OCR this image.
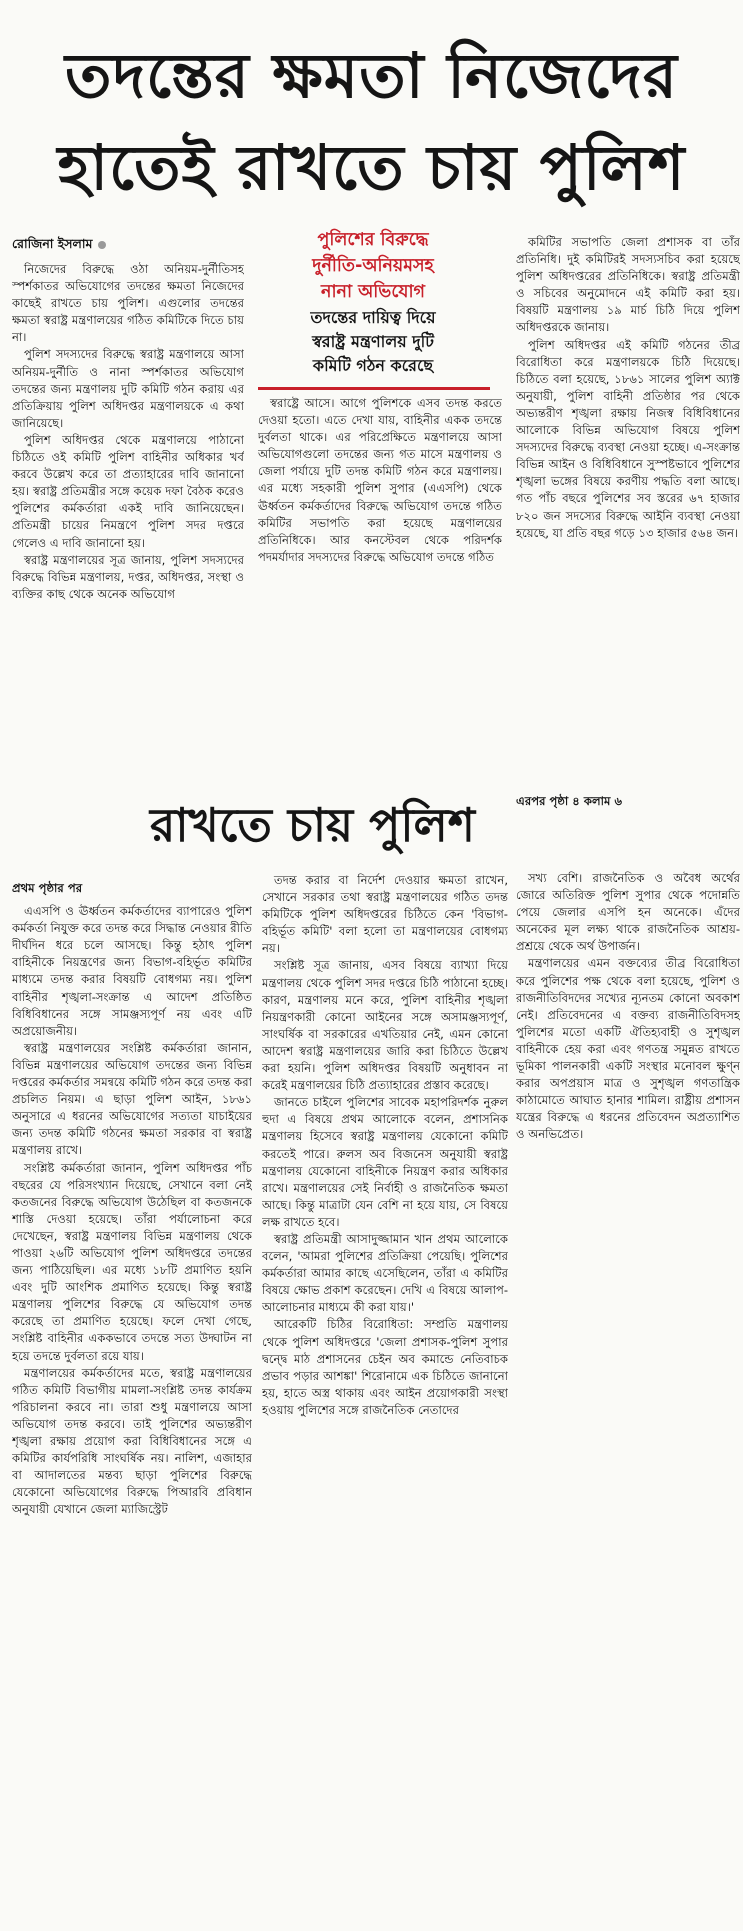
তদন্তের ক্ষমতা নিজেদের
হাতেই রাখতে চায় পুলিশ
রোজিনা ইসলাম	পুলিশের বিরুদ্ধে
দুর্নীতি-অনিয়মসহ
নানা অভিযোগ
তদন্তের দায়িত্ব দিয়ে
স্বরাষ্ট্র মন্ত্রণালয় দুটি
কমিটি গঠন করেছে

নিজেদের বিরুদ্ধে ওঠা অনিয়ম-দুর্নীতিসহ স্পর্শকাতর অভিযোগের তদন্তের ক্ষমতা নিজেদের কাছেই রাখতে চায় পুলিশ। এগুলোর তদন্তের ক্ষমতা স্বরাষ্ট্র মন্ত্রণালয়ের গঠিত কমিটিকে দিতে চায় না।

পুলিশ সদস্যদের বিরুদ্ধে স্বরাষ্ট্র মন্ত্রণালয়ে আসা অনিয়ম-দুর্নীতি ও নানা স্পর্শকাতর অভিযোগ তদন্তের জন্য মন্ত্রণালয় দুটি কমিটি গঠন করায় এর প্রতিক্রিয়ায় পুলিশ অধিদপ্তর মন্ত্রণালয়কে এ কথা জানিয়েছে।

পুলিশ অধিদপ্তর থেকে মন্ত্রণালয়ে পাঠানো চিঠিতে ওই কমিটি পুলিশ বাহিনীর অধিকার খর্ব করবে উল্লেখ করে তা প্রত্যাহারের দাবি জানানো হয়। স্বরাষ্ট্র প্রতিমন্ত্রীর সঙ্গে কয়েক দফা বৈঠক করেও পুলিশের কর্মকর্তারা একই দাবি জানিয়েছেন। প্রতিমন্ত্রী চায়ের নিমন্ত্রণে পুলিশ সদর দপ্তরে গেলেও এ দাবি জানানো হয়।

স্বরাষ্ট্র মন্ত্রণালয়ের সূত্র জানায়, পুলিশ সদস্যদের বিরুদ্ধে বিভিন্ন মন্ত্রণালয়, দপ্তর, অধিদপ্তর, সংস্থা ও ব্যক্তির কাছ থেকে অনেক অভিযোগ

স্বরাষ্ট্রে আসে। আগে পুলিশকে এসব তদন্ত করতে দেওয়া হতো। এতে দেখা যায়, বাহিনীর একক তদন্তে দুর্বলতা থাকে। এর পরিপ্রেক্ষিতে মন্ত্রণালয়ে আসা অভিযোগগুলো তদন্তের জন্য গত মাসে মন্ত্রণালয় ও জেলা পর্যায়ে দুটি তদন্ত কমিটি গঠন করে মন্ত্রণালয়। এর মধ্যে সহকারী পুলিশ সুপার (এএসপি) থেকে ঊর্ধ্বতন কর্মকর্তাদের বিরুদ্ধে অভিযোগ তদন্তে গঠিত কমিটির সভাপতি করা হয়েছে মন্ত্রণালয়ের প্রতিনিধিকে। আর কনস্টেবল থেকে পরিদর্শক পদমর্যাদার সদস্যদের বিরুদ্ধে অভিযোগ তদন্তে গঠিত

কমিটির সভাপতি জেলা প্রশাসক বা তাঁর প্রতিনিধি। দুই কমিটিরই সদস্যসচিব করা হয়েছে পুলিশ অধিদপ্তরের প্রতিনিধিকে। স্বরাষ্ট্র প্রতিমন্ত্রী ও সচিবের অনুমোদনে এই কমিটি করা হয়। বিষয়টি মন্ত্রণালয় ১৯ মার্চ চিঠি দিয়ে পুলিশ অধিদপ্তরকে জানায়।

পুলিশ অধিদপ্তর এই কমিটি গঠনের তীব্র বিরোধিতা করে মন্ত্রণালয়কে চিঠি দিয়েছে। চিঠিতে বলা হয়েছে, ১৮৬১ সালের পুলিশ অ্যাক্ট অনুযায়ী, পুলিশ বাহিনী প্রতিষ্ঠার পর থেকে অভ্যন্তরীণ শৃঙ্খলা রক্ষায় নিজস্ব বিধিবিধানের আলোকে বিভিন্ন অভিযোগ বিষয়ে পুলিশ সদস্যদের বিরুদ্ধে ব্যবস্থা নেওয়া হচ্ছে। এ-সংক্রান্ত বিভিন্ন আইন ও বিধিবিধানে সুস্পষ্টভাবে পুলিশের শৃঙ্খলা ভঙ্গের বিষয়ে করণীয় পদ্ধতি বলা আছে। গত পাঁচ বছরে পুলিশের সব স্তরের ৬৭ হাজার ৮২০ জন সদস্যের বিরুদ্ধে আইনি ব্যবস্থা নেওয়া হয়েছে, যা প্রতি বছর গড়ে ১৩ হাজার ৫৬৪ জন।

এরপর পৃষ্ঠা ৪ কলাম ৬
রাখতে চায় পুলিশ
প্রথম পৃষ্ঠার পর

এএসপি ও ঊর্ধ্বতন কর্মকর্তাদের ব্যাপারেও পুলিশ কর্মকর্তা নিযুক্ত করে তদন্ত করে সিদ্ধান্ত নেওয়ার রীতি দীর্ঘদিন ধরে চলে আসছে। কিন্তু হঠাৎ পুলিশ বাহিনীকে নিয়ন্ত্রণের জন্য বিভাগ-বহির্ভূত কমিটির মাধ্যমে তদন্ত করার বিষয়টি বোধগম্য নয়। পুলিশ বাহিনীর শৃঙ্খলা-সংক্রান্ত এ আদেশ প্রতিষ্ঠিত বিধিবিধানের সঙ্গে সামঞ্জস্যপূর্ণ নয় এবং এটি অপ্রয়োজনীয়।

স্বরাষ্ট্র মন্ত্রণালয়ের সংশ্লিষ্ট কর্মকর্তারা জানান, বিভিন্ন মন্ত্রণালয়ের অভিযোগ তদন্তের জন্য বিভিন্ন দপ্তরের কর্মকর্তার সমন্বয়ে কমিটি গঠন করে তদন্ত করা প্রচলিত নিয়ম। এ ছাড়া পুলিশ আইন, ১৮৬১ অনুসারে এ ধরনের অভিযোগের সত্যতা যাচাইয়ের জন্য তদন্ত কমিটি গঠনের ক্ষমতা সরকার বা স্বরাষ্ট্র মন্ত্রণালয় রাখে।

সংশ্লিষ্ট কর্মকর্তারা জানান, পুলিশ অধিদপ্তর পাঁচ বছরের যে পরিসংখ্যান দিয়েছে, সেখানে বলা নেই কতজনের বিরুদ্ধে অভিযোগ উঠেছিল বা কতজনকে শাস্তি দেওয়া হয়েছে। তাঁরা পর্যালোচনা করে দেখেছেন, স্বরাষ্ট্র মন্ত্রণালয় বিভিন্ন মন্ত্রণালয় থেকে পাওয়া ২৬টি অভিযোগ পুলিশ অধিদপ্তরে তদন্তের জন্য পাঠিয়েছিল। এর মধ্যে ১৮টি প্রমাণিত হয়নি এবং দুটি আংশিক প্রমাণিত হয়েছে। কিন্তু স্বরাষ্ট্র মন্ত্রণালয় পুলিশের বিরুদ্ধে যে অভিযোগ তদন্ত করেছে তা প্রমাণিত হয়েছে। ফলে দেখা গেছে, সংশ্লিষ্ট বাহিনীর এককভাবে তদন্তে সত্য উদ্ঘাটন না হয়ে তদন্তে দুর্বলতা রয়ে যায়।

মন্ত্রণালয়ের কর্মকর্তাদের মতে, স্বরাষ্ট্র মন্ত্রণালয়ের গঠিত কমিটি বিভাগীয় মামলা-সংশ্লিষ্ট তদন্ত কার্যক্রম পরিচালনা করবে না। তারা শুধু মন্ত্রণালয়ে আসা অভিযোগ তদন্ত করবে। তাই পুলিশের অভ্যন্তরীণ শৃঙ্খলা রক্ষায় প্রয়োগ করা বিধিবিধানের সঙ্গে এ কমিটির কার্যপরিধি সাংঘর্ষিক নয়। নালিশ, এজাহার বা আদালতের মন্তব্য ছাড়া পুলিশের বিরুদ্ধে যেকোনো অভিযোগের বিরুদ্ধে পিআরবি প্রবিধান অনুযায়ী যেখানে জেলা ম্যাজিস্ট্রেট

তদন্ত করার বা নির্দেশ দেওয়ার ক্ষমতা রাখেন, সেখানে সরকার তথা স্বরাষ্ট্র মন্ত্রণালয়ের গঠিত তদন্ত কমিটিকে পুলিশ অধিদপ্তরের চিঠিতে কেন 'বিভাগ-বহির্ভূত কমিটি' বলা হলো তা মন্ত্রণালয়ের বোধগম্য নয়।

সংশ্লিষ্ট সূত্র জানায়, এসব বিষয়ে ব্যাখ্যা দিয়ে মন্ত্রণালয় থেকে পুলিশ সদর দপ্তরে চিঠি পাঠানো হচ্ছে। কারণ, মন্ত্রণালয় মনে করে, পুলিশ বাহিনীর শৃঙ্খলা নিয়ন্ত্রণকারী কোনো আইনের সঙ্গে অসামঞ্জস্যপূর্ণ, সাংঘর্ষিক বা সরকারের এখতিয়ার নেই, এমন কোনো আদেশ স্বরাষ্ট্র মন্ত্রণালয়ের জারি করা চিঠিতে উল্লেখ করা হয়নি। পুলিশ অধিদপ্তর বিষয়টি অনুধাবন না করেই মন্ত্রণালয়ের চিঠি প্রত্যাহারের প্রস্তাব করেছে।

জানতে চাইলে পুলিশের সাবেক মহাপরিদর্শক নুরুল হুদা এ বিষয়ে প্রথম আলোকে বলেন, প্রশাসনিক মন্ত্রণালয় হিসেবে স্বরাষ্ট্র মন্ত্রণালয় যেকোনো কমিটি করতেই পারে। রুলস অব বিজনেস অনুযায়ী স্বরাষ্ট্র মন্ত্রণালয় যেকোনো বাহিনীকে নিয়ন্ত্রণ করার অধিকার রাখে। মন্ত্রণালয়ের সেই নির্বাহী ও রাজনৈতিক ক্ষমতা আছে। কিন্তু মাত্রাটা যেন বেশি না হয়ে যায়, সে বিষয়ে লক্ষ রাখতে হবে।

স্বরাষ্ট্র প্রতিমন্ত্রী আসাদুজ্জামান খান প্রথম আলোকে বলেন, 'আমরা পুলিশের প্রতিক্রিয়া পেয়েছি। পুলিশের কর্মকর্তারা আমার কাছে এসেছিলেন, তাঁরা এ কমিটির বিষয়ে ক্ষোভ প্রকাশ করেছেন। দেখি এ বিষয়ে আলাপ-আলোচনার মাধ্যমে কী করা যায়।'

আরেকটি চিঠির বিরোধিতা: সম্প্রতি মন্ত্রণালয় থেকে পুলিশ অধিদপ্তরে 'জেলা প্রশাসক-পুলিশ সুপার দ্বন্দ্বে মাঠ প্রশাসনের চেইন অব কমান্ডে নেতিবাচক প্রভাব পড়ার আশঙ্কা' শিরোনামে এক চিঠিতে জানানো হয়, হাতে অস্ত্র থাকায় এবং আইন প্রয়োগকারী সংস্থা হওয়ায় পুলিশের সঙ্গে রাজনৈতিক নেতাদের

সখ্য বেশি। রাজনৈতিক ও অবৈধ অর্থের জোরে অতিরিক্ত পুলিশ সুপার থেকে পদোন্নতি পেয়ে জেলার এসপি হন অনেকে। এঁদের অনেকের মূল লক্ষ্য থাকে রাজনৈতিক আশ্রয়-প্রশ্রয়ে থেকে অর্থ উপার্জন।

মন্ত্রণালয়ের এমন বক্তব্যের তীব্র বিরোধিতা করে পুলিশের পক্ষ থেকে বলা হয়েছে, পুলিশ ও রাজনীতিবিদদের সখ্যের ন্যূনতম কোনো অবকাশ নেই। প্রতিবেদনের এ বক্তব্য রাজনীতিবিদসহ পুলিশের মতো একটি ঐতিহ্যবাহী ও সুশৃঙ্খল বাহিনীকে হেয় করা এবং গণতন্ত্র সমুন্নত রাখতে ভূমিকা পালনকারী একটি সংস্থার মনোবল ক্ষুণ্ন করার অপপ্রয়াস মাত্র ও সুশৃঙ্খল গণতান্ত্রিক কাঠামোতে আঘাত হানার শামিল। রাষ্ট্রীয় প্রশাসন যন্ত্রের বিরুদ্ধে এ ধরনের প্রতিবেদন অপ্রত্যাশিত ও অনভিপ্রেত।
